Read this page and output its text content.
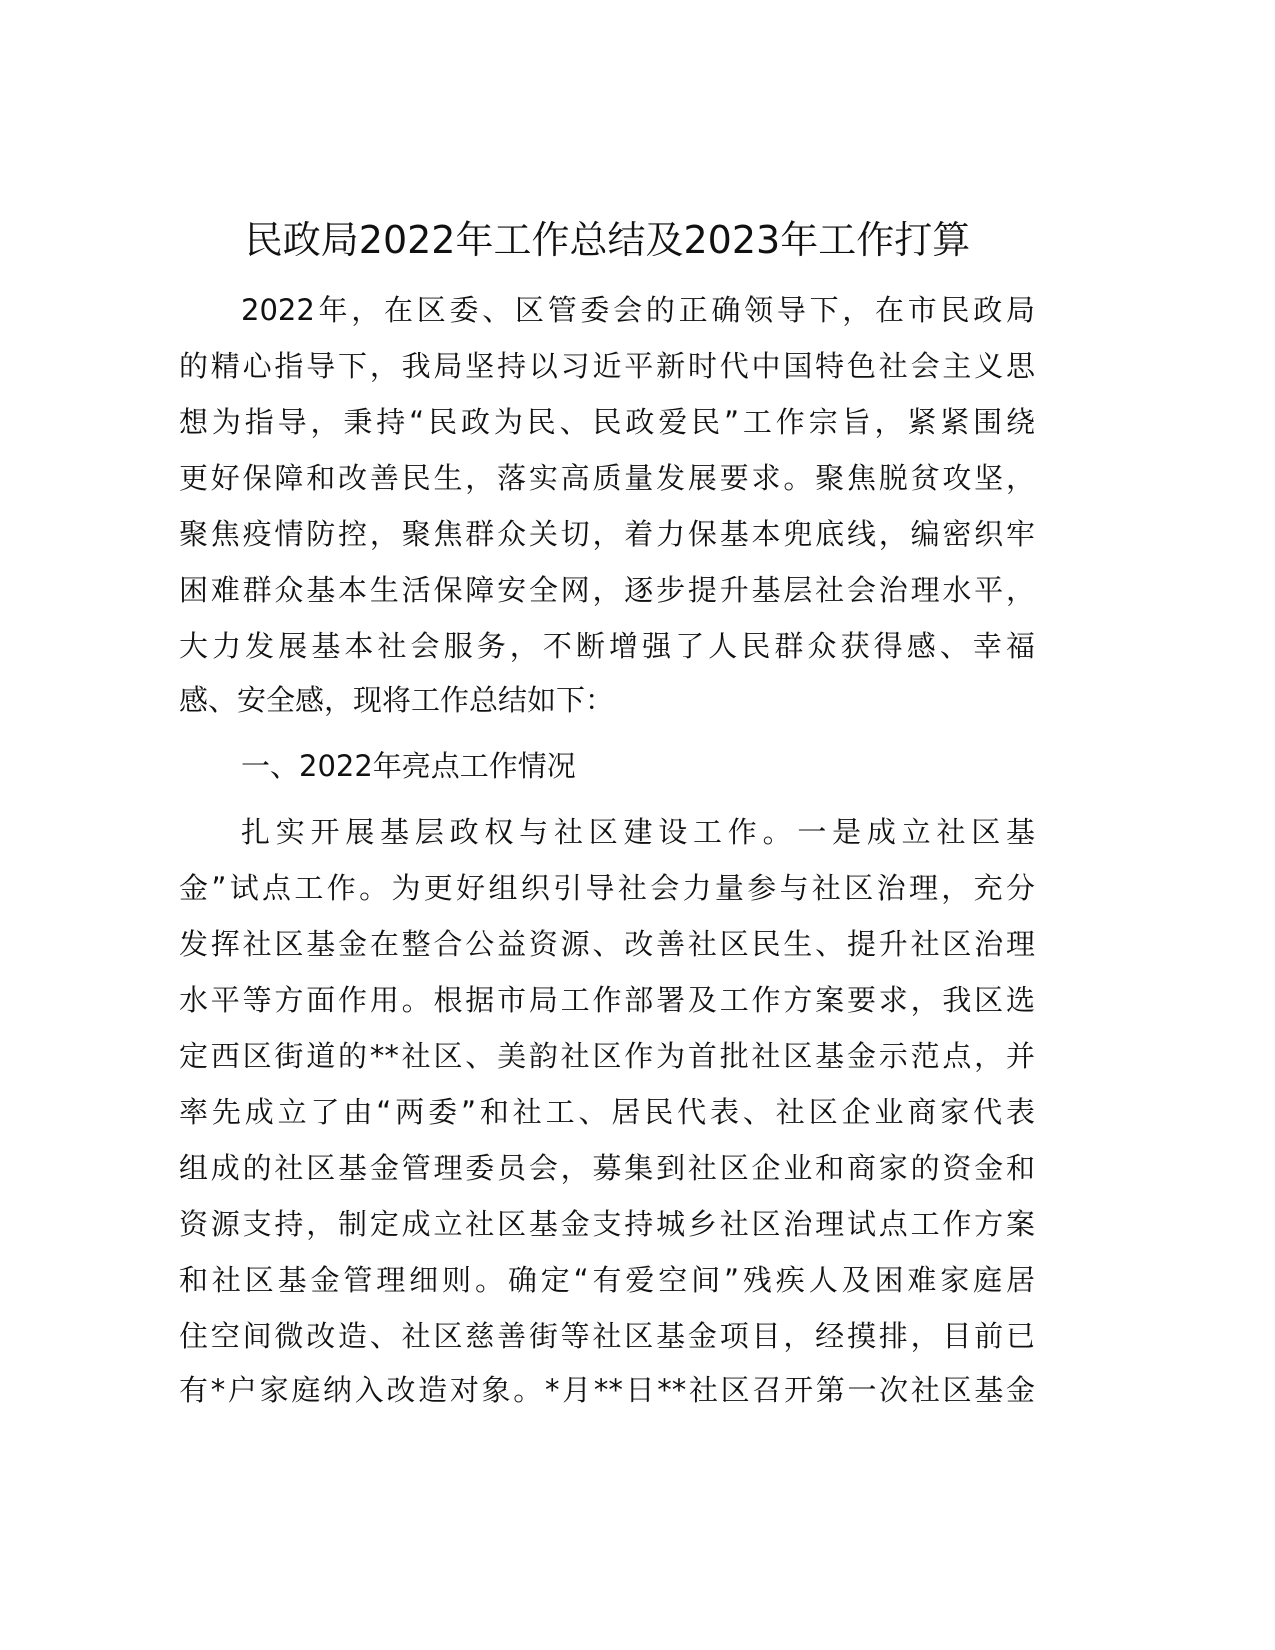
民政局2022年工作总结及2023年工作打算
2022年，在区委、区管委会的正确领导下，在市民政局
的精心指导下，我局坚持以习近平新时代中国特色社会主义思
想为指导，秉持“民政为民、民政爱民”工作宗旨，紧紧围绕
更好保障和改善民生，落实高质量发展要求。聚焦脱贫攻坚，
聚焦疫情防控，聚焦群众关切，着力保基本兜底线，编密织牢
困难群众基本生活保障安全网，逐步提升基层社会治理水平，
大力发展基本社会服务，不断增强了人民群众获得感、幸福
感、安全感，现将工作总结如下：
一、2022年亮点工作情况
扎实开展基层政权与社区建设工作。一是成立社区基
金”试点工作。为更好组织引导社会力量参与社区治理，充分
发挥社区基金在整合公益资源、改善社区民生、提升社区治理
水平等方面作用。根据市局工作部署及工作方案要求，我区选
定西区街道的**社区、美韵社区作为首批社区基金示范点，并
率先成立了由“两委”和社工、居民代表、社区企业商家代表
组成的社区基金管理委员会，募集到社区企业和商家的资金和
资源支持，制定成立社区基金支持城乡社区治理试点工作方案
和社区基金管理细则。确定“有爱空间”残疾人及困难家庭居
住空间微改造、社区慈善街等社区基金项目，经摸排，目前已
有*户家庭纳入改造对象。*月**日**社区召开第一次社区基金
